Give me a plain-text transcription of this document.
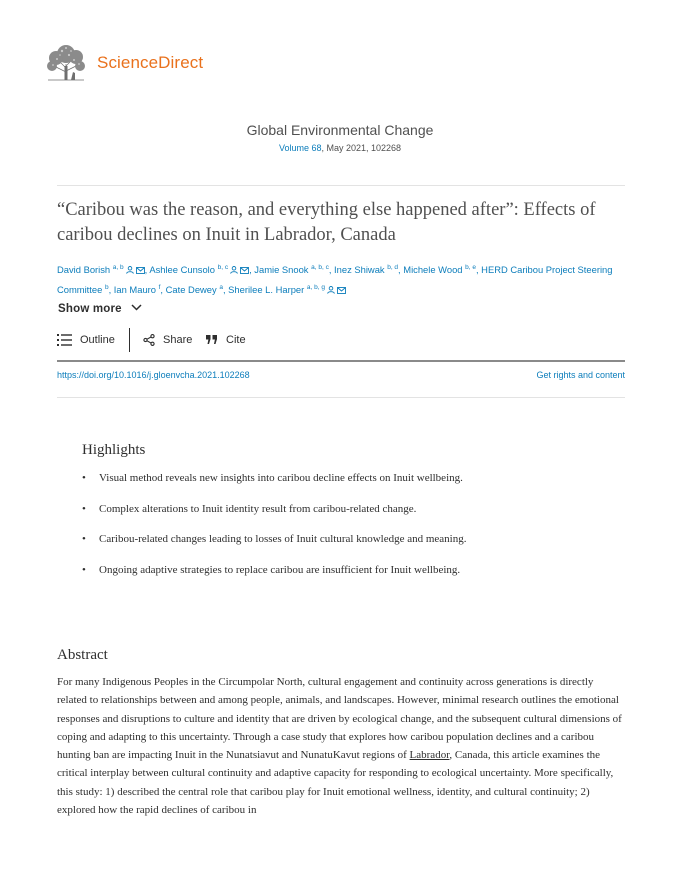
ScienceDirect
Global Environmental Change
Volume 68, May 2021, 102268
“Caribou was the reason, and everything else happened after”: Effects of caribou declines on Inuit in Labrador, Canada
David Borish $^{a, b}$ , Ashlee Cunsolo $^{b, c}$ , Jamie Snook $^{a, b, c}$, Inez Shiwak $^{b, d}$, Michele Wood $^{b, e}$, HERD Caribou Project Steering Committee $^b$, Ian Mauro $^f$, Cate Dewey $^a$, Sherilee L. Harper $^{a, b, g}$
Show more
Outline	Share	Cite
https://doi.org/10.1016/j.gloenvcha.2021.102268	Get rights and content
Highlights
• Visual method reveals new insights into caribou decline effects on Inuit wellbeing.
• Complex alterations to Inuit identity result from caribou-related change.
• Caribou-related changes leading to losses of Inuit cultural knowledge and meaning.
• Ongoing adaptive strategies to replace caribou are insufficient for Inuit wellbeing.
Abstract

For many Indigenous Peoples in the Circumpolar North, cultural engagement and continuity across generations is directly related to relationships between and among people, animals, and landscapes. However, minimal research outlines the emotional responses and disruptions to culture and identity that are driven by ecological change, and the subsequent cultural dimensions of coping and adapting to this uncertainty. Through a case study that explores how caribou population declines and a caribou hunting ban are impacting Inuit in the Nunatsiavut and NunatuKavut regions of Labrador, Canada, this article examines the critical interplay between cultural continuity and adaptive capacity for responding to ecological uncertainty. More specifically, this study: 1) described the central role that caribou play for Inuit emotional wellness, identity, and cultural continuity; 2) explored how the rapid declines of caribou in
